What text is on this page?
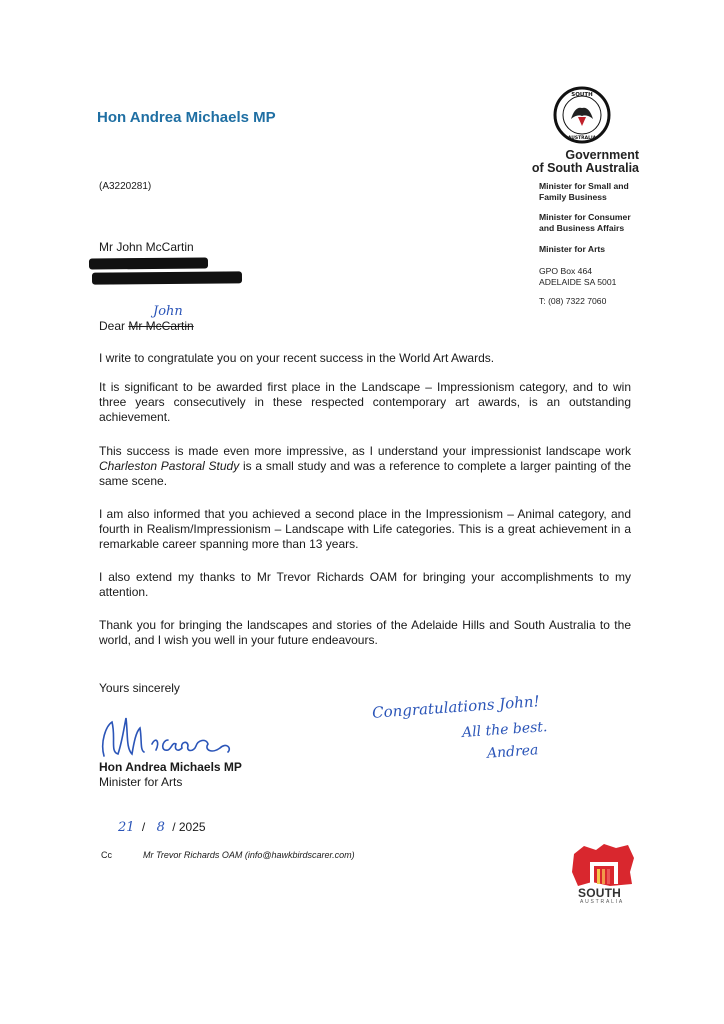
Hon Andrea Michaels MP
SOUTH
AUSTRALIA
Government
of South Australia
Minister for Small and
Family Business
Minister for Consumer
and Business Affairs
Minister for Arts
GPO Box 464
ADELAIDE SA 5001
T: (08) 7322 7060
(A3220281)
Mr John McCartin
John
Dear Mr McCartin

I write to congratulate you on your recent success in the World Art Awards.

It is significant to be awarded first place in the Landscape – Impressionism category, and to win three years consecutively in these respected contemporary art awards, is an outstanding achievement.

This success is made even more impressive, as I understand your impressionist landscape work Charleston Pastoral Study is a small study and was a reference to complete a larger painting of the same scene.

I am also informed that you achieved a second place in the Impressionism – Animal category, and fourth in Realism/Impressionism – Landscape with Life categories. This is a great achievement in a remarkable career spanning more than 13 years.

I also extend my thanks to Mr Trevor Richards OAM for bringing your accomplishments to my attention.

Thank you for bringing the landscapes and stories of the Adelaide Hills and South Australia to the world, and I wish you well in your future endeavours.

Yours sincerely
Congratulations John!
All the best.
Andrea
Hon Andrea Michaels MP
Minister for Arts
21 / 8 / 2025
Cc	Mr Trevor Richards OAM (info@hawkbirdscarer.com)
SOUTH
AUSTRALIA
